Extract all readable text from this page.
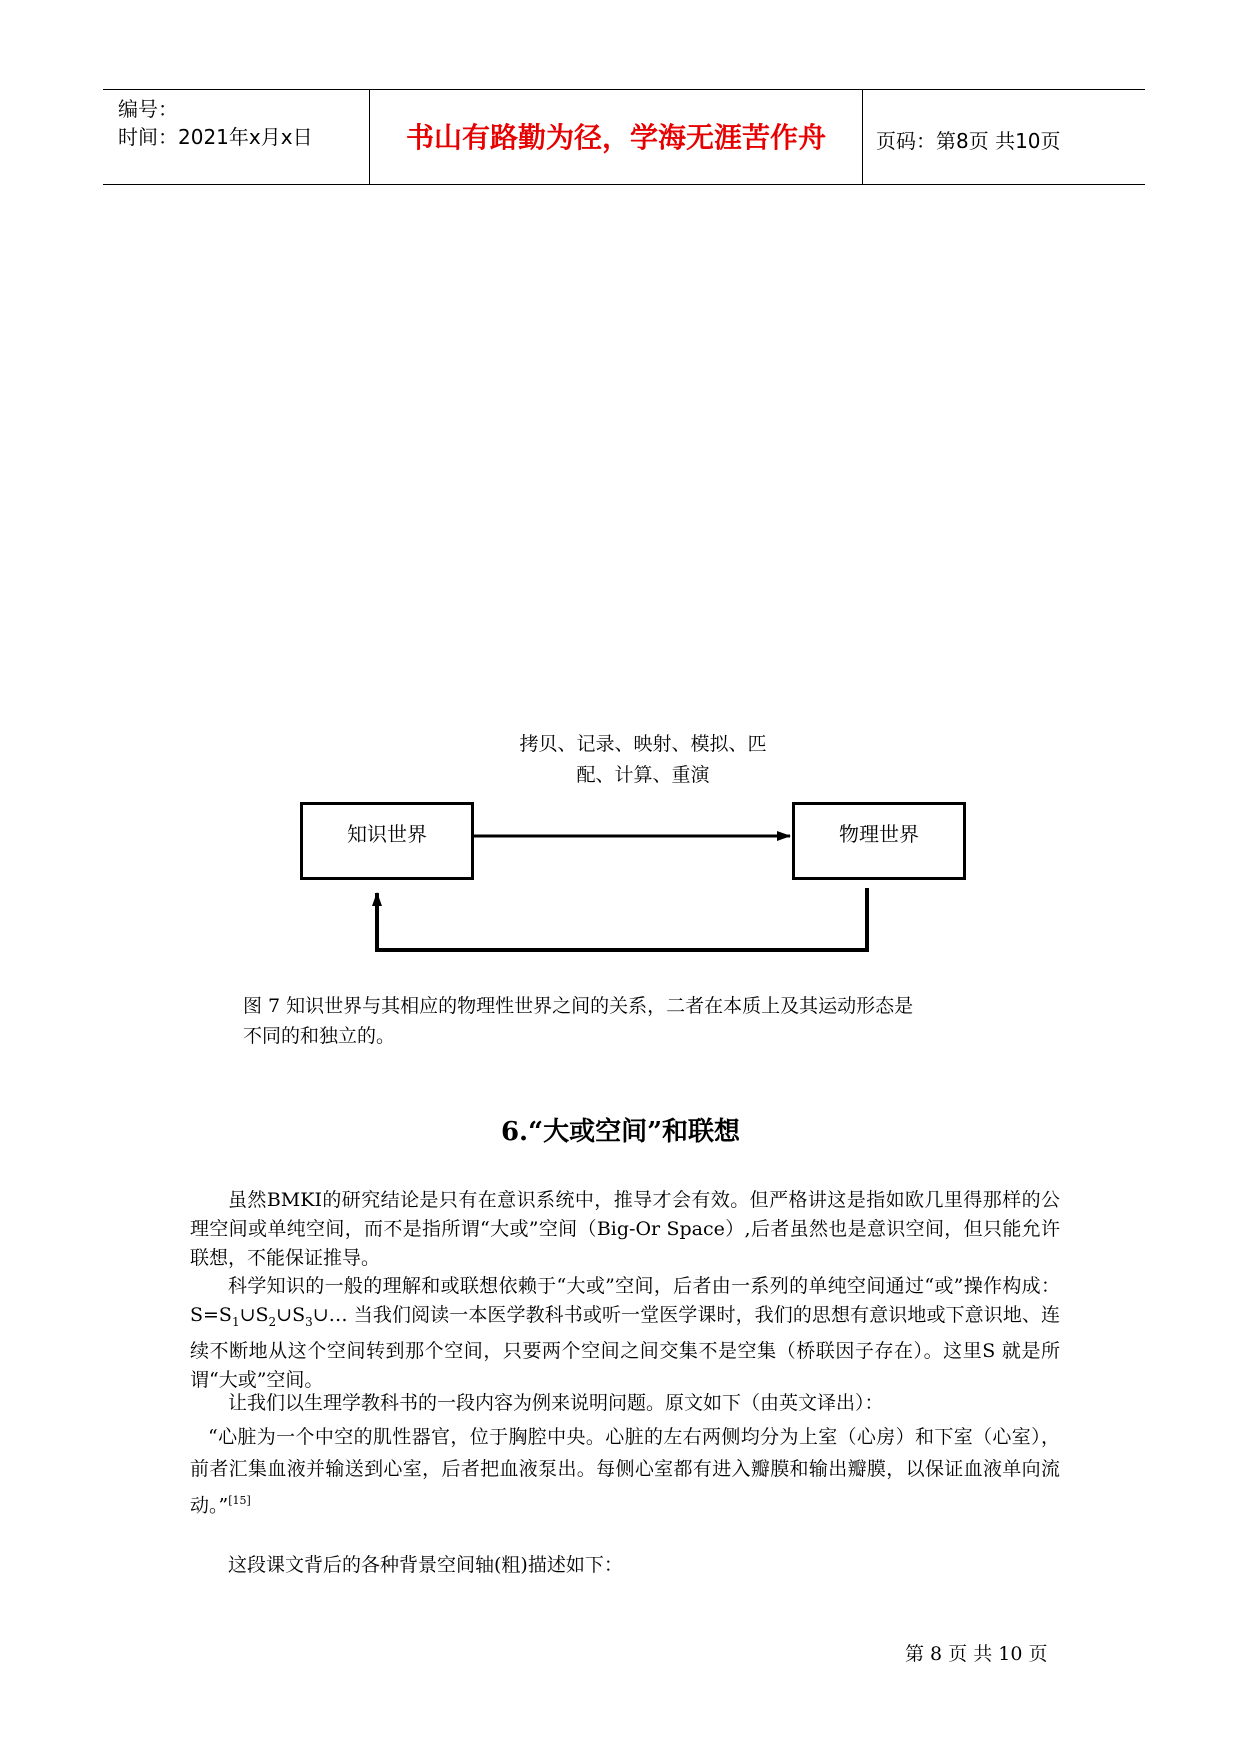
编号：
时间：2021年x月x日	书山有路勤为径，学海无涯苦作舟	页码：第8页 共10页
拷贝、记录、映射、模拟、匹
配、计算、重演
知识世界	物理世界
图 7 知识世界与其相应的物理性世界之间的关系，二者在本质上及其运动形态是
不同的和独立的。
6.“大或空间”和联想
虽然BMKI的研究结论是只有在意识系统中，推导才会有效。但严格讲这是指如欧几里得那样的公理空间或单纯空间，而不是指所谓“大或”空间（Big-Or Space）,后者虽然也是意识空间，但只能允许联想，不能保证推导。
科学知识的一般的理解和或联想依赖于“大或”空间，后者由一系列的单纯空间通过“或”操作构成：$S=S_1\cup S_2\cup S_3\cup\dots$ 当我们阅读一本医学教科书或听一堂医学课时，我们的思想有意识地或下意识地、连续不断地从这个空间转到那个空间，只要两个空间之间交集不是空集（桥联因子存在）。这里S 就是所谓“大或”空间。
让我们以生理学教科书的一段内容为例来说明问题。原文如下（由英文译出）：
“心脏为一个中空的肌性器官，位于胸腔中央。心脏的左右两侧均分为上室（心房）和下室（心室），前者汇集血液并输送到心室，后者把血液泵出。每侧心室都有进入瓣膜和输出瓣膜，以保证血液单向流动。”[15]
这段课文背后的各种背景空间轴(粗)描述如下：
第 8 页 共 10 页
